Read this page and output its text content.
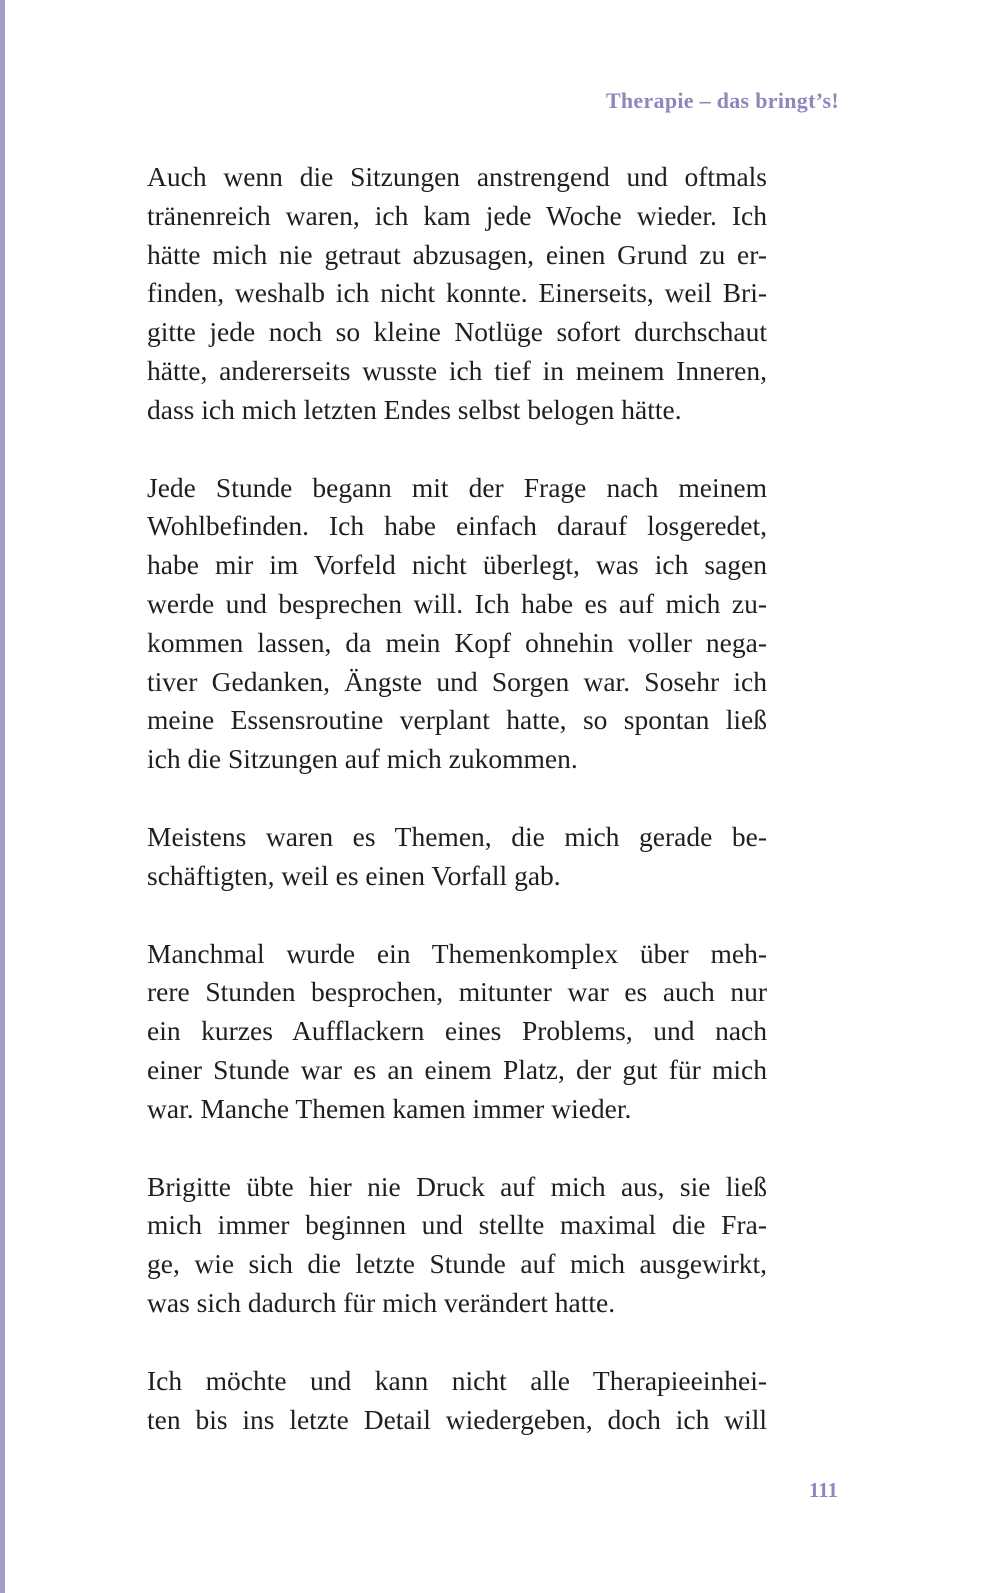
Therapie – das bringt’s!

Auch wenn die Sitzungen anstrengend und oftmals
tränenreich waren, ich kam jede Woche wieder. Ich
hätte mich nie getraut abzusagen, einen Grund zu er-
finden, weshalb ich nicht konnte. Einerseits, weil Bri-
gitte jede noch so kleine Notlüge sofort durchschaut
hätte, andererseits wusste ich tief in meinem Inneren,
dass ich mich letzten Endes selbst belogen hätte.

Jede Stunde begann mit der Frage nach meinem
Wohlbefinden. Ich habe einfach darauf losgeredet,
habe mir im Vorfeld nicht überlegt, was ich sagen
werde und besprechen will. Ich habe es auf mich zu-
kommen lassen, da mein Kopf ohnehin voller nega-
tiver Gedanken, Ängste und Sorgen war. Sosehr ich
meine Essensroutine verplant hatte, so spontan ließ
ich die Sitzungen auf mich zukommen.

Meistens waren es Themen, die mich gerade be-
schäftigten, weil es einen Vorfall gab.

Manchmal wurde ein Themenkomplex über meh-
rere Stunden besprochen, mitunter war es auch nur
ein kurzes Aufflackern eines Problems, und nach
einer Stunde war es an einem Platz, der gut für mich
war. Manche Themen kamen immer wieder.

Brigitte übte hier nie Druck auf mich aus, sie ließ
mich immer beginnen und stellte maximal die Fra-
ge, wie sich die letzte Stunde auf mich ausgewirkt,
was sich dadurch für mich verändert hatte.

Ich möchte und kann nicht alle Therapieeinhei-
ten bis ins letzte Detail wiedergeben, doch ich will

111
